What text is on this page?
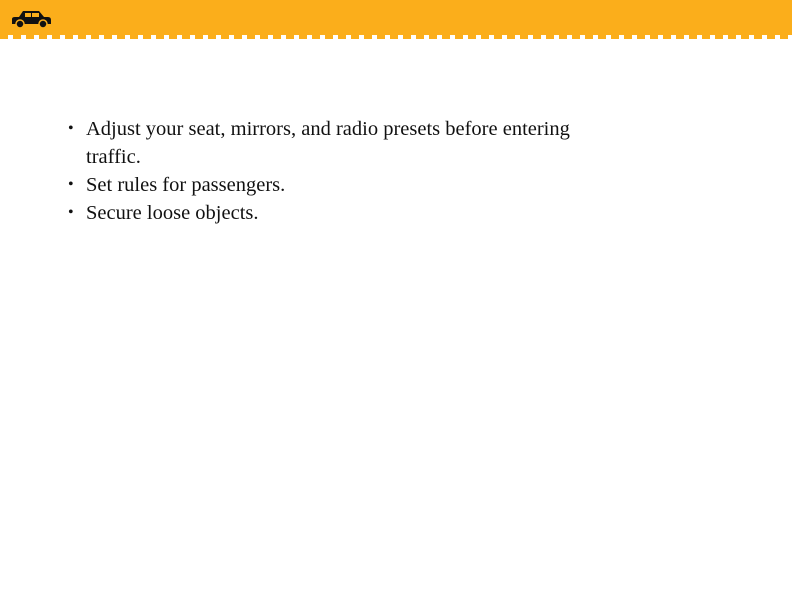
• Adjust your seat, mirrors, and radio presets before entering traffic.
• Set rules for passengers.
• Secure loose objects.
